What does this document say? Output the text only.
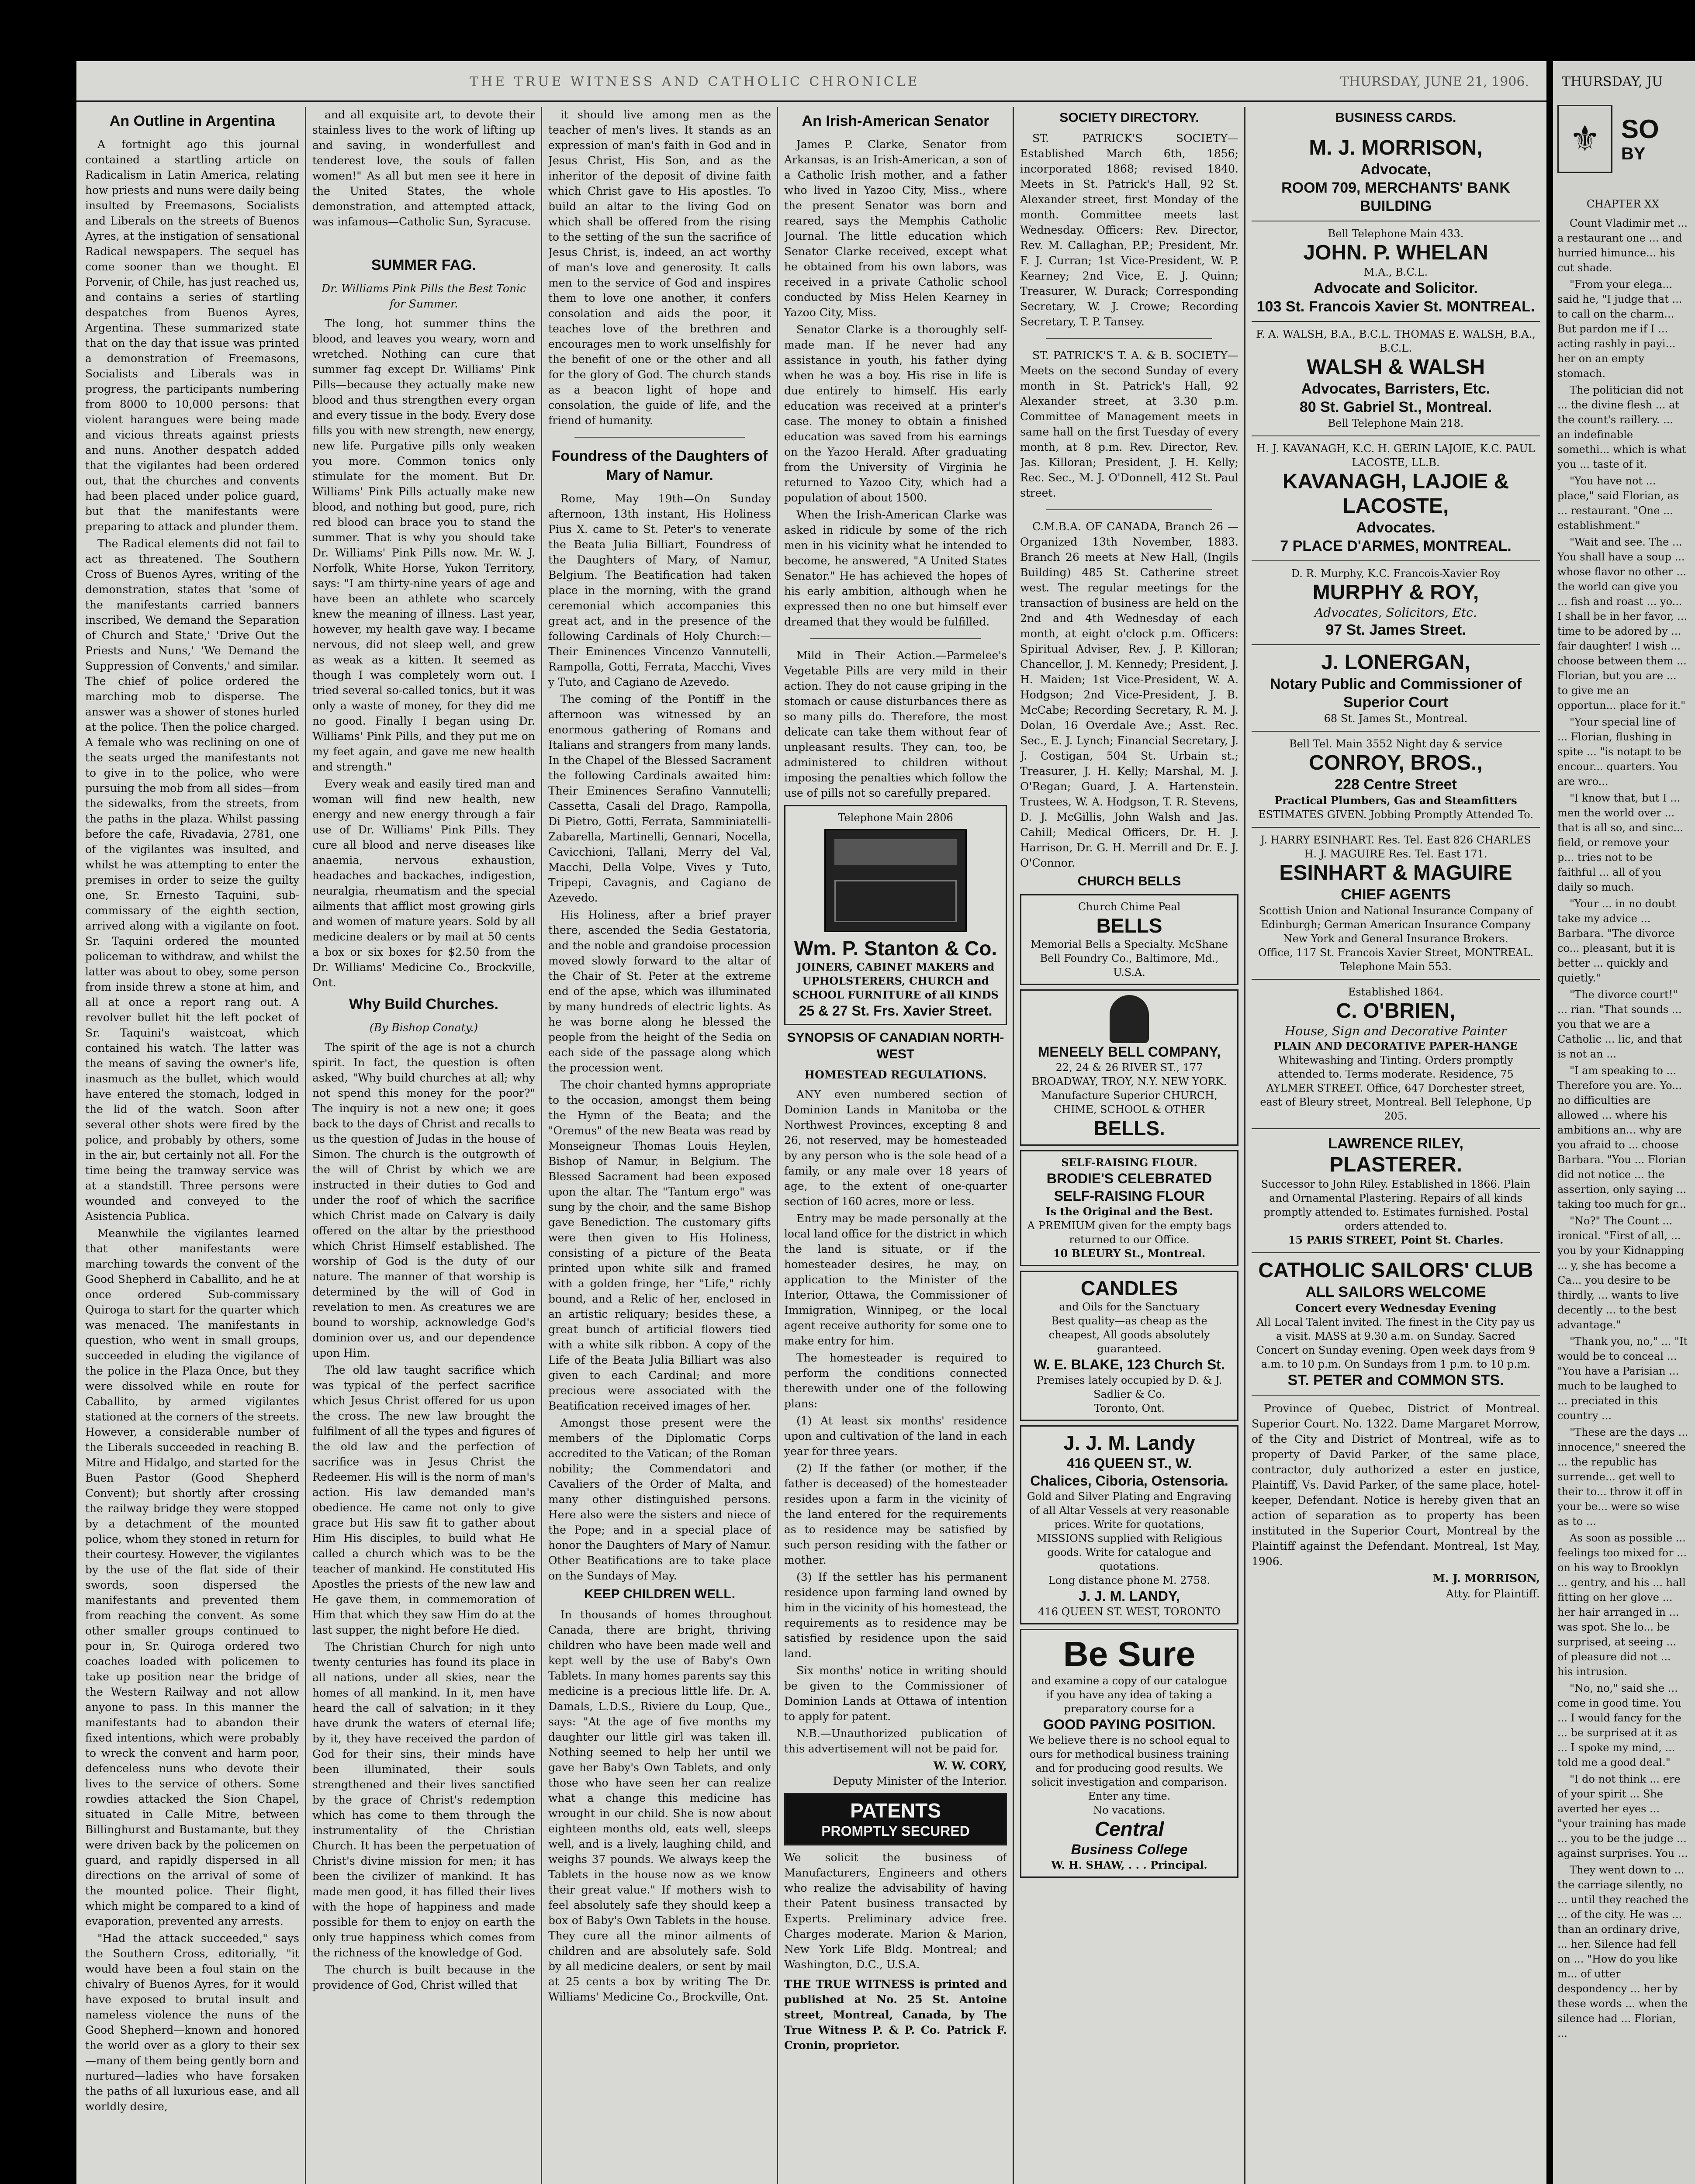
THE TRUE WITNESS AND CATHOLIC CHRONICLE	THURSDAY, JUNE 21, 1906.
An Outline in Argentina

A fortnight ago this journal contained a startling article on Radicalism in Latin America, relating how priests and nuns were daily being insulted by Freemasons, Socialists and Liberals on the streets of Buenos Ayres, at the instigation of sensational Radical newspapers. The sequel has come sooner than we thought. El Porvenir, of Chile, has just reached us, and contains a series of startling despatches from Buenos Ayres, Argentina. These summarized state that on the day that issue was printed a demonstration of Freemasons, Socialists and Liberals was in progress, the participants numbering from 8000 to 10,000 persons: that violent harangues were being made and vicious threats against priests and nuns. Another despatch added that the vigilantes had been ordered out, that the churches and convents had been placed under police guard, but that the manifestants were preparing to attack and plunder them.

The Radical elements did not fail to act as threatened. The Southern Cross of Buenos Ayres, writing of the demonstration, states that 'some of the manifestants carried banners inscribed, We demand the Separation of Church and State,' 'Drive Out the Priests and Nuns,' 'We Demand the Suppression of Convents,' and similar. The chief of police ordered the marching mob to disperse. The answer was a shower of stones hurled at the police. Then the police charged. A female who was reclining on one of the seats urged the manifestants not to give in to the police, who were pursuing the mob from all sides—from the sidewalks, from the streets, from the paths in the plaza. Whilst passing before the cafe, Rivadavia, 2781, one of the vigilantes was insulted, and whilst he was attempting to enter the premises in order to seize the guilty one, Sr. Ernesto Taquini, sub-commissary of the eighth section, arrived along with a vigilante on foot. Sr. Taquini ordered the mounted policeman to withdraw, and whilst the latter was about to obey, some person from inside threw a stone at him, and all at once a report rang out. A revolver bullet hit the left pocket of Sr. Taquini's waistcoat, which contained his watch. The latter was the means of saving the owner's life, inasmuch as the bullet, which would have entered the stomach, lodged in the lid of the watch. Soon after several other shots were fired by the police, and probably by others, some in the air, but certainly not all. For the time being the tramway service was at a standstill. Three persons were wounded and conveyed to the Asistencia Publica.

Meanwhile the vigilantes learned that other manifestants were marching towards the convent of the Good Shepherd in Caballito, and he at once ordered Sub-commissary Quiroga to start for the quarter which was menaced. The manifestants in question, who went in small groups, succeeded in eluding the vigilance of the police in the Plaza Once, but they were dissolved while en route for Caballito, by armed vigilantes stationed at the corners of the streets. However, a considerable number of the Liberals succeeded in reaching B. Mitre and Hidalgo, and started for the Buen Pastor (Good Shepherd Convent); but shortly after crossing the railway bridge they were stopped by a detachment of the mounted police, whom they stoned in return for their courtesy. However, the vigilantes by the use of the flat side of their swords, soon dispersed the manifestants and prevented them from reaching the convent. As some other smaller groups continued to pour in, Sr. Quiroga ordered two coaches loaded with policemen to take up position near the bridge of the Western Railway and not allow anyone to pass. In this manner the manifestants had to abandon their fixed intentions, which were probably to wreck the convent and harm poor, defenceless nuns who devote their lives to the service of others. Some rowdies attacked the Sion Chapel, situated in Calle Mitre, between Billinghurst and Bustamante, but they were driven back by the policemen on guard, and rapidly dispersed in all directions on the arrival of some of the mounted police. Their flight, which might be compared to a kind of evaporation, prevented any arrests.

"Had the attack succeeded," says the Southern Cross, editorially, "it would have been a foul stain on the chivalry of Buenos Ayres, for it would have exposed to brutal insult and nameless violence the nuns of the Good Shepherd—known and honored the world over as a glory to their sex—many of them being gently born and nurtured—ladies who have forsaken the paths of all luxurious ease, and all worldly desire,

and all exquisite art, to devote their stainless lives to the work of lifting up and saving, in wonderfullest and tenderest love, the souls of fallen women!" As all but men see it here in the United States, the whole demonstration, and attempted attack, was infamous—Catholic Sun, Syracuse.

SUMMER FAG.
Dr. Williams Pink Pills the Best Tonic for Summer.

The long, hot summer thins the blood, and leaves you weary, worn and wretched. Nothing can cure that summer fag except Dr. Williams' Pink Pills—because they actually make new blood and thus strengthen every organ and every tissue in the body. Every dose fills you with new strength, new energy, new life. Purgative pills only weaken you more. Common tonics only stimulate for the moment. But Dr. Williams' Pink Pills actually make new blood, and nothing but good, pure, rich red blood can brace you to stand the summer. That is why you should take Dr. Williams' Pink Pills now. Mr. W. J. Norfolk, White Horse, Yukon Territory, says: "I am thirty-nine years of age and have been an athlete who scarcely knew the meaning of illness. Last year, however, my health gave way. I became nervous, did not sleep well, and grew as weak as a kitten. It seemed as though I was completely worn out. I tried several so-called tonics, but it was only a waste of money, for they did me no good. Finally I began using Dr. Williams' Pink Pills, and they put me on my feet again, and gave me new health and strength."

Every weak and easily tired man and woman will find new health, new energy and new energy through a fair use of Dr. Williams' Pink Pills. They cure all blood and nerve diseases like anaemia, nervous exhaustion, headaches and backaches, indigestion, neuralgia, rheumatism and the special ailments that afflict most growing girls and women of mature years. Sold by all medicine dealers or by mail at 50 cents a box or six boxes for $2.50 from the Dr. Williams' Medicine Co., Brockville, Ont.

Why Build Churches.
(By Bishop Conaty.)

The spirit of the age is not a church spirit. In fact, the question is often asked, "Why build churches at all; why not spend this money for the poor?" The inquiry is not a new one; it goes back to the days of Christ and recalls to us the question of Judas in the house of Simon. The church is the outgrowth of the will of Christ by which we are instructed in their duties to God and under the roof of which the sacrifice which Christ made on Calvary is daily offered on the altar by the priesthood which Christ Himself established. The worship of God is the duty of our nature. The manner of that worship is determined by the will of God in revelation to men. As creatures we are bound to worship, acknowledge God's dominion over us, and our dependence upon Him.

The old law taught sacrifice which was typical of the perfect sacrifice which Jesus Christ offered for us upon the cross. The new law brought the fulfilment of all the types and figures of the old law and the perfection of sacrifice was in Jesus Christ the Redeemer. His will is the norm of man's action. His law demanded man's obedience. He came not only to give grace but His saw fit to gather about Him His disciples, to build what He called a church which was to be the teacher of mankind. He constituted His Apostles the priests of the new law and He gave them, in commemoration of Him that which they saw Him do at the last supper, the night before He died.

The Christian Church for nigh unto twenty centuries has found its place in all nations, under all skies, near the homes of all mankind. In it, men have heard the call of salvation; in it they have drunk the waters of eternal life; by it, they have received the pardon of God for their sins, their minds have been illuminated, their souls strengthened and their lives sanctified by the grace of Christ's redemption which has come to them through the instrumentality of the Christian Church. It has been the perpetuation of Christ's divine mission for men; it has been the civilizer of mankind. It has made men good, it has filled their lives with the hope of happiness and made possible for them to enjoy on earth the only true happiness which comes from the richness of the knowledge of God.

The church is built because in the providence of God, Christ willed that

it should live among men as the teacher of men's lives. It stands as an expression of man's faith in God and in Jesus Christ, His Son, and as the inheritor of the deposit of divine faith which Christ gave to His apostles. To build an altar to the living God on which shall be offered from the rising to the setting of the sun the sacrifice of Jesus Christ, is, indeed, an act worthy of man's love and generosity. It calls men to the service of God and inspires them to love one another, it confers consolation and aids the poor, it teaches love of the brethren and encourages men to work unselfishly for the benefit of one or the other and all for the glory of God. The church stands as a beacon light of hope and consolation, the guide of life, and the friend of humanity.

Foundress of the Daughters of Mary of Namur.

Rome, May 19th—On Sunday afternoon, 13th instant, His Holiness Pius X. came to St. Peter's to venerate the Beata Julia Billiart, Foundress of the Daughters of Mary, of Namur, Belgium. The Beatification had taken place in the morning, with the grand ceremonial which accompanies this great act, and in the presence of the following Cardinals of Holy Church:—Their Eminences Vincenzo Vannutelli, Rampolla, Gotti, Ferrata, Macchi, Vives y Tuto, and Cagiano de Azevedo.

The coming of the Pontiff in the afternoon was witnessed by an enormous gathering of Romans and Italians and strangers from many lands. In the Chapel of the Blessed Sacrament the following Cardinals awaited him: Their Eminences Serafino Vannutelli; Cassetta, Casali del Drago, Rampolla, Di Pietro, Gotti, Ferrata, Samminiatelli-Zabarella, Martinelli, Gennari, Nocella, Cavicchioni, Tallani, Merry del Val, Macchi, Della Volpe, Vives y Tuto, Tripepi, Cavagnis, and Cagiano de Azevedo.

His Holiness, after a brief prayer there, ascended the Sedia Gestatoria, and the noble and grandoise procession moved slowly forward to the altar of the Chair of St. Peter at the extreme end of the apse, which was illuminated by many hundreds of electric lights. As he was borne along he blessed the people from the height of the Sedia on each side of the passage along which the procession went.

The choir chanted hymns appropriate to the occasion, amongst them being the Hymn of the Beata; and the "Oremus" of the new Beata was read by Monseigneur Thomas Louis Heylen, Bishop of Namur, in Belgium. The Blessed Sacrament had been exposed upon the altar. The "Tantum ergo" was sung by the choir, and the same Bishop gave Benediction. The customary gifts were then given to His Holiness, consisting of a picture of the Beata printed upon white silk and framed with a golden fringe, her "Life," richly bound, and a Relic of her, enclosed in an artistic reliquary; besides these, a great bunch of artificial flowers tied with a white silk ribbon. A copy of the Life of the Beata Julia Billiart was also given to each Cardinal; and more precious were associated with the Beatification received images of her.

Amongst those present were the members of the Diplomatic Corps accredited to the Vatican; of the Roman nobility; the Commendatori and Cavaliers of the Order of Malta, and many other distinguished persons. Here also were the sisters and niece of the Pope; and in a special place of honor the Daughters of Mary of Namur. Other Beatifications are to take place on the Sundays of May.

KEEP CHILDREN WELL.

In thousands of homes throughout Canada, there are bright, thriving children who have been made well and kept well by the use of Baby's Own Tablets. In many homes parents say this medicine is a precious little life. Dr. A. Damals, L.D.S., Riviere du Loup, Que., says: "At the age of five months my daughter our little girl was taken ill. Nothing seemed to help her until we gave her Baby's Own Tablets, and only those who have seen her can realize what a change this medicine has wrought in our child. She is now about eighteen months old, eats well, sleeps well, and is a lively, laughing child, and weighs 37 pounds. We always keep the Tablets in the house now as we know their great value." If mothers wish to feel absolutely safe they should keep a box of Baby's Own Tablets in the house. They cure all the minor ailments of children and are absolutely safe. Sold by all medicine dealers, or sent by mail at 25 cents a box by writing The Dr. Williams' Medicine Co., Brockville, Ont.

An Irish-American Senator

James P. Clarke, Senator from Arkansas, is an Irish-American, a son of a Catholic Irish mother, and a father who lived in Yazoo City, Miss., where the present Senator was born and reared, says the Memphis Catholic Journal. The little education which Senator Clarke received, except what he obtained from his own labors, was received in a private Catholic school conducted by Miss Helen Kearney in Yazoo City, Miss.

Senator Clarke is a thoroughly self-made man. If he never had any assistance in youth, his father dying when he was a boy. His rise in life is due entirely to himself. His early education was received at a printer's case. The money to obtain a finished education was saved from his earnings on the Yazoo Herald. After graduating from the University of Virginia he returned to Yazoo City, which had a population of about 1500.

When the Irish-American Clarke was asked in ridicule by some of the rich men in his vicinity what he intended to become, he answered, "A United States Senator." He has achieved the hopes of his early ambition, although when he expressed then no one but himself ever dreamed that they would be fulfilled.

Mild in Their Action.—Parmelee's Vegetable Pills are very mild in their action. They do not cause griping in the stomach or cause disturbances there as so many pills do. Therefore, the most delicate can take them without fear of unpleasant results. They can, too, be administered to children without imposing the penalties which follow the use of pills not so carefully prepared.

Telephone Main 2806
Wm. P. Stanton & Co.
JOINERS, CABINET MAKERS and UPHOLSTERERS, CHURCH and SCHOOL FURNITURE of all KINDS
25 & 27 St. Frs. Xavier Street.
SYNOPSIS OF CANADIAN NORTH-WEST
HOMESTEAD REGULATIONS.

ANY even numbered section of Dominion Lands in Manitoba or the Northwest Provinces, excepting 8 and 26, not reserved, may be homesteaded by any person who is the sole head of a family, or any male over 18 years of age, to the extent of one-quarter section of 160 acres, more or less.

Entry may be made personally at the local land office for the district in which the land is situate, or if the homesteader desires, he may, on application to the Minister of the Interior, Ottawa, the Commissioner of Immigration, Winnipeg, or the local agent receive authority for some one to make entry for him.

The homesteader is required to perform the conditions connected therewith under one of the following plans:

(1) At least six months' residence upon and cultivation of the land in each year for three years.

(2) If the father (or mother, if the father is deceased) of the homesteader resides upon a farm in the vicinity of the land entered for the requirements as to residence may be satisfied by such person residing with the father or mother.

(3) If the settler has his permanent residence upon farming land owned by him in the vicinity of his homestead, the requirements as to residence may be satisfied by residence upon the said land.

Six months' notice in writing should be given to the Commissioner of Dominion Lands at Ottawa of intention to apply for patent.

N.B.—Unauthorized publication of this advertisement will not be paid for.

W. W. CORY,
Deputy Minister of the Interior.
PATENTS
PROMPTLY SECURED
We solicit the business of Manufacturers, Engineers and others who realize the advisability of having their Patent business transacted by Experts. Preliminary advice free. Charges moderate. Marion & Marion, New York Life Bldg. Montreal; and Washington, D.C., U.S.A.
THE TRUE WITNESS is printed and published at No. 25 St. Antoine street, Montreal, Canada, by The True Witness P. & P. Co. Patrick F. Cronin, proprietor.
SOCIETY DIRECTORY.

ST. PATRICK'S SOCIETY—Established March 6th, 1856; incorporated 1868; revised 1840. Meets in St. Patrick's Hall, 92 St. Alexander street, first Monday of the month. Committee meets last Wednesday. Officers: Rev. Director, Rev. M. Callaghan, P.P.; President, Mr. F. J. Curran; 1st Vice-President, W. P. Kearney; 2nd Vice, E. J. Quinn; Treasurer, W. Durack; Corresponding Secretary, W. J. Crowe; Recording Secretary, T. P. Tansey.

ST. PATRICK'S T. A. & B. SOCIETY—Meets on the second Sunday of every month in St. Patrick's Hall, 92 Alexander street, at 3.30 p.m. Committee of Management meets in same hall on the first Tuesday of every month, at 8 p.m. Rev. Director, Rev. Jas. Killoran; President, J. H. Kelly; Rec. Sec., M. J. O'Donnell, 412 St. Paul street.

C.M.B.A. OF CANADA, Branch 26 —Organized 13th November, 1883. Branch 26 meets at New Hall, (Ingils Building) 485 St. Catherine street west. The regular meetings for the transaction of business are held on the 2nd and 4th Wednesday of each month, at eight o'clock p.m. Officers: Spiritual Adviser, Rev. J. P. Killoran; Chancellor, J. M. Kennedy; President, J. H. Maiden; 1st Vice-President, W. A. Hodgson; 2nd Vice-President, J. B. McCabe; Recording Secretary, R. M. J. Dolan, 16 Overdale Ave.; Asst. Rec. Sec., E. J. Lynch; Financial Secretary, J. J. Costigan, 504 St. Urbain st.; Treasurer, J. H. Kelly; Marshal, M. J. O'Regan; Guard, J. A. Hartenstein. Trustees, W. A. Hodgson, T. R. Stevens, D. J. McGillis, John Walsh and Jas. Cahill; Medical Officers, Dr. H. J. Harrison, Dr. G. H. Merrill and Dr. E. J. O'Connor.

CHURCH BELLS
Church Chime Peal
BELLS
Memorial Bells a Specialty. McShane Bell Foundry Co., Baltimore, Md., U.S.A.
MENEELY BELL COMPANY,
22, 24 & 26 RIVER ST., 177 BROADWAY, TROY, N.Y. NEW YORK.
Manufacture Superior CHURCH, CHIME, SCHOOL & OTHER
BELLS.
SELF-RAISING FLOUR.
BRODIE'S CELEBRATED
SELF-RAISING FLOUR
Is the Original and the Best.
A PREMIUM given for the empty bags returned to our Office.
10 BLEURY St., Montreal.
CANDLES
and Oils for the Sanctuary
Best quality—as cheap as the cheapest, All goods absolutely guaranteed.
W. E. BLAKE, 123 Church St.
Premises lately occupied by D. & J. Sadlier & Co.
Toronto, Ont.
J. J. M. Landy
416 QUEEN ST., W.
Chalices, Ciboria, Ostensoria.
Gold and Silver Plating and Engraving of all Altar Vessels at very reasonable prices. Write for quotations,
MISSIONS supplied with Religious goods. Write for catalogue and quotations.
Long distance phone M. 2758.
J. J. M. LANDY,
416 QUEEN ST. WEST, TORONTO
Be Sure
and examine a copy of our catalogue if you have any idea of taking a preparatory course for a
GOOD PAYING POSITION.
We believe there is no school equal to ours for methodical business training and for producing good results. We solicit investigation and comparison.
Enter any time.
No vacations.
Central
Business College
W. H. SHAW, . . . Principal.
BUSINESS CARDS.
M. J. MORRISON,
Advocate,
ROOM 709, MERCHANTS' BANK BUILDING
Bell Telephone Main 433.
JOHN. P. WHELAN
M.A., B.C.L.
Advocate and Solicitor.
103 St. Francois Xavier St. MONTREAL.
F. A. WALSH, B.A., B.C.L. THOMAS E. WALSH, B.A., B.C.L.
WALSH & WALSH
Advocates, Barristers, Etc.
80 St. Gabriel St., Montreal.
Bell Telephone Main 218.
H. J. KAVANAGH, K.C. H. GERIN LAJOIE, K.C. PAUL LACOSTE, LL.B.
KAVANAGH, LAJOIE & LACOSTE,
Advocates.
7 PLACE D'ARMES, MONTREAL.
D. R. Murphy, K.C. Francois-Xavier Roy
MURPHY & ROY,
Advocates, Solicitors, Etc.
97 St. James Street.
J. LONERGAN,
Notary Public and Commissioner of Superior Court
68 St. James St., Montreal.
Bell Tel. Main 3552 Night day & service
CONROY, BROS.,
228 Centre Street
Practical Plumbers, Gas and Steamfitters
ESTIMATES GIVEN. Jobbing Promptly Attended To.
J. HARRY ESINHART. Res. Tel. East 826 CHARLES H. J. MAGUIRE Res. Tel. East 171.
ESINHART & MAGUIRE
CHIEF AGENTS
Scottish Union and National Insurance Company of Edinburgh; German American Insurance Company New York and General Insurance Brokers.
Office, 117 St. Francois Xavier Street, MONTREAL. Telephone Main 553.
Established 1864.
C. O'BRIEN,
House, Sign and Decorative Painter
PLAIN AND DECORATIVE PAPER-HANGE
Whitewashing and Tinting. Orders promptly attended to. Terms moderate. Residence, 75 AYLMER STREET. Office, 647 Dorchester street, east of Bleury street, Montreal. Bell Telephone, Up 205.
LAWRENCE RILEY,
PLASTERER.
Successor to John Riley. Established in 1866. Plain and Ornamental Plastering. Repairs of all kinds promptly attended to. Estimates furnished. Postal orders attended to.
15 PARIS STREET, Point St. Charles.
CATHOLIC SAILORS' CLUB
ALL SAILORS WELCOME
Concert every Wednesday Evening
All Local Talent invited. The finest in the City pay us a visit. MASS at 9.30 a.m. on Sunday. Sacred Concert on Sunday evening. Open week days from 9 a.m. to 10 p.m. On Sundays from 1 p.m. to 10 p.m.
ST. PETER and COMMON STS.

Province of Quebec, District of Montreal. Superior Court. No. 1322. Dame Margaret Morrow, of the City and District of Montreal, wife as to property of David Parker, of the same place, contractor, duly authorized a ester en justice, Plaintiff, Vs. David Parker, of the same place, hotel-keeper, Defendant. Notice is hereby given that an action of separation as to property has been instituted in the Superior Court, Montreal by the Plaintiff against the Defendant. Montreal, 1st May, 1906.

M. J. MORRISON,
Atty. for Plaintiff.
THURSDAY, JU
⚜ SO
BY
CHAPTER XX

Count Vladimir met ... a restaurant one ... and hurried himunce... his cut shade.

"From your elega... said he, "I judge that ... to call on the charm... But pardon me if I ... acting rashly in payi... her on an empty stomach.

The politician did not ... the divine flesh ... at the count's raillery. ... an indefinable somethi... which is what you ... taste of it.

"You have not ... place," said Florian, as ... restaurant. "One ... establishment."

"Wait and see. The ... You shall have a soup ... whose flavor no other ... the world can give you ... fish and roast ... yo... I shall be in her favor, ... time to be adored by ... fair daughter! I wish ... choose between them ... Florian, but you are ... to give me an opportun... place for it."

"Your special line of ... Florian, flushing in spite ... "is notapt to be encour... quarters. You are wro...

"I know that, but I ... men the world over ... that is all so, and sinc... field, or remove your p... tries not to be faithful ... all of you daily so much.

"Your ... in no doubt take my advice ... Barbara. "The divorce co... pleasant, but it is better ... quickly and quietly."

"The divorce court!" ... rian. "That sounds ... you that we are a Catholic ... lic, and that is not an ...

"I am speaking to ... Therefore you are. Yo... no difficulties are allowed ... where his ambitions an... why are you afraid to ... choose Barbara. "You ... Florian did not notice ... the assertion, only saying ... taking too much for gr...

"No?" The Count ... ironical. "First of all, ... you by your Kidnapping ... y, she has become a Ca... you desire to be thirdly, ... wants to live decently ... to the best advantage."

"Thank you, no," ... "It would be to conceal ... "You have a Parisian ... much to be laughed to ... preciated in this country ...

"These are the days ... innocence," sneered the ... the republic has surrende... get well to their to... throw it off in your be... were so wise as to ...

As soon as possible ... feelings too mixed for ... on his way to Brooklyn ... gentry, and his ... hall fitting on her glove ... her hair arranged in ... was spot. She lo... be surprised, at seeing ... of pleasure did not ... his intrusion.

"No, no," said she ... come in good time. You ... I would fancy for the ... be surprised at it as ... I spoke my mind, ... told me a good deal."

"I do not think ... ere of your spirit ... She averted her eyes ... "your training has made ... you to be the judge ... against surprises. You ...

They went down to ... the carriage silently, no ... until they reached the ... of the city. He was ... than an ordinary drive, ... her. Silence had fell on ... "How do you like m... of utter despondency ... her by these words ... when the silence had ... Florian, ...
